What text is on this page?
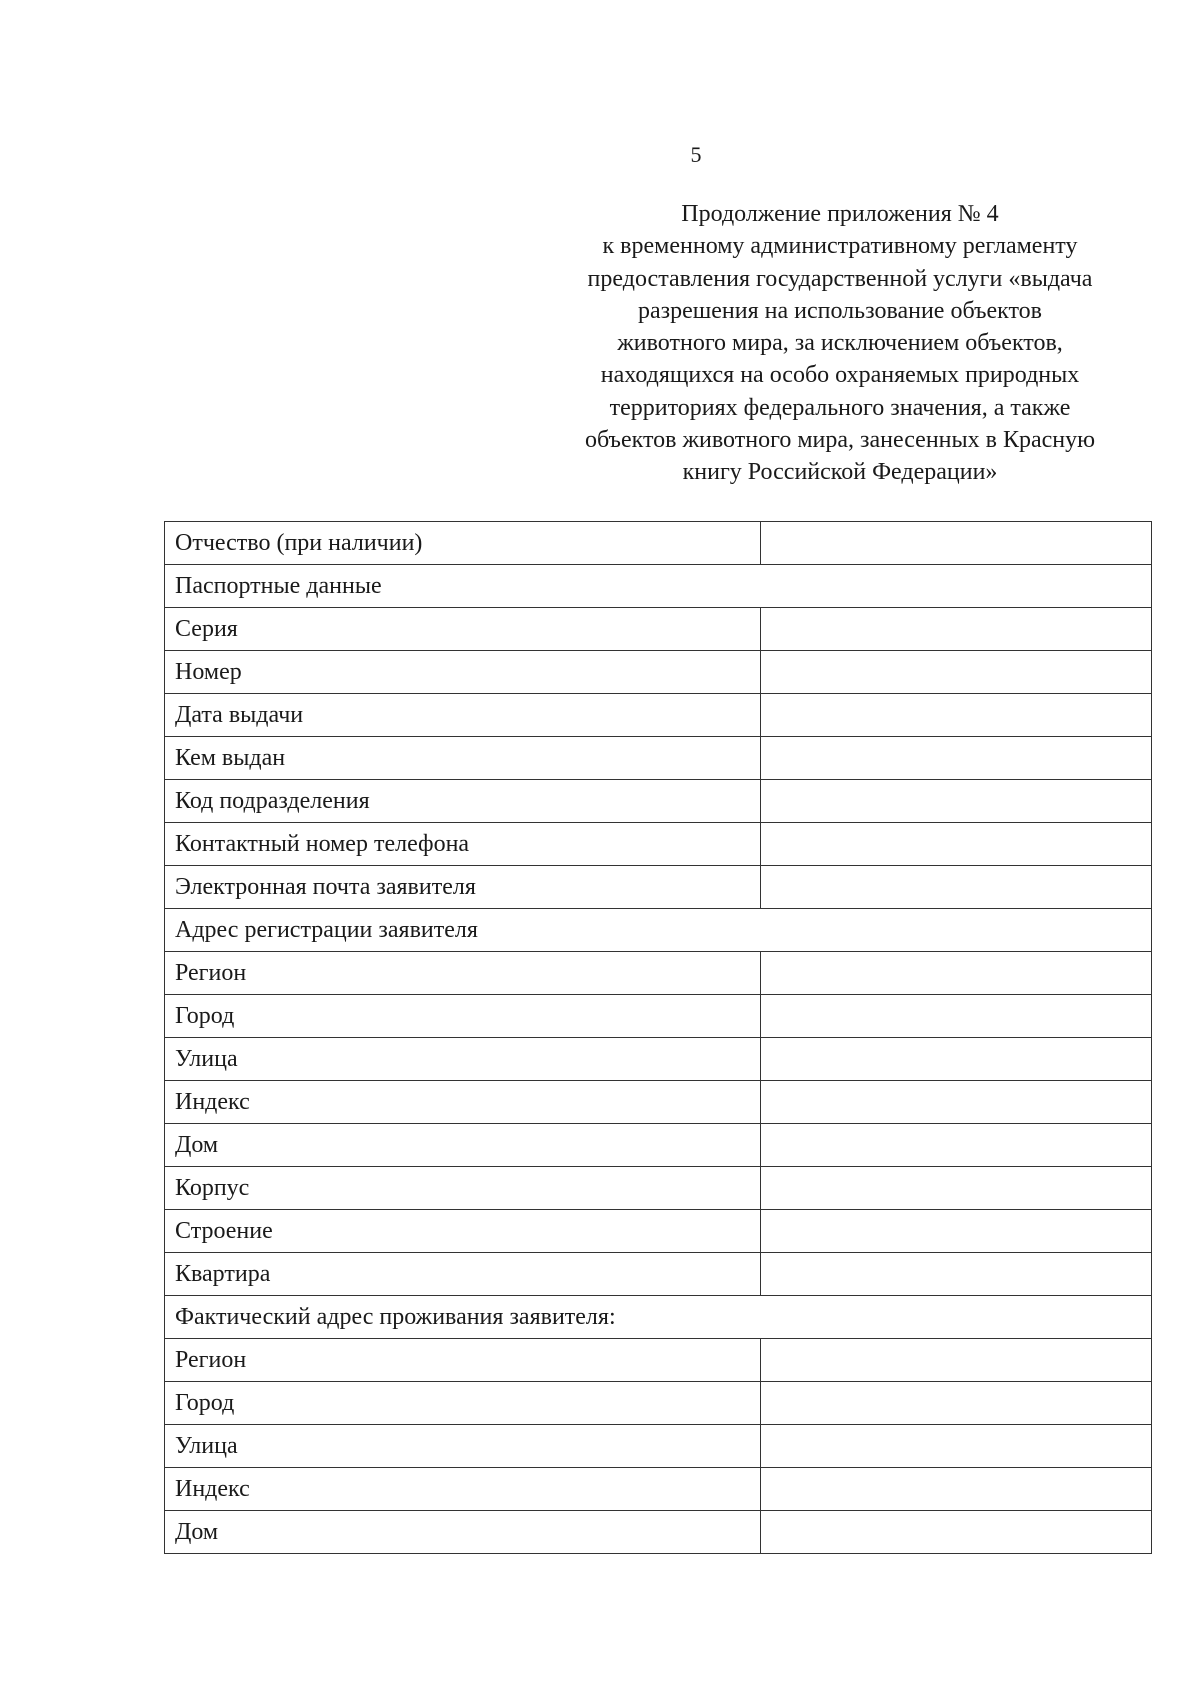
5
Продолжение приложения № 4
к временному административному регламенту
предоставления государственной услуги «выдача
разрешения на использование объектов
животного мира, за исключением объектов,
находящихся на особо охраняемых природных
территориях федерального значения, а также
объектов животного мира, занесенных в Красную
книгу Российской Федерации»
Отчество (при наличии)	
Паспортные данные	
Серия	
Номер	
Дата выдачи	
Кем выдан	
Код подразделения	
Контактный номер телефона	
Электронная почта заявителя	
Адрес регистрации заявителя	
Регион	
Город	
Улица	
Индекс	
Дом	
Корпус	
Строение	
Квартира	
Фактический адрес проживания заявителя:	
Регион	
Город	
Улица	
Индекс	
Дом	
